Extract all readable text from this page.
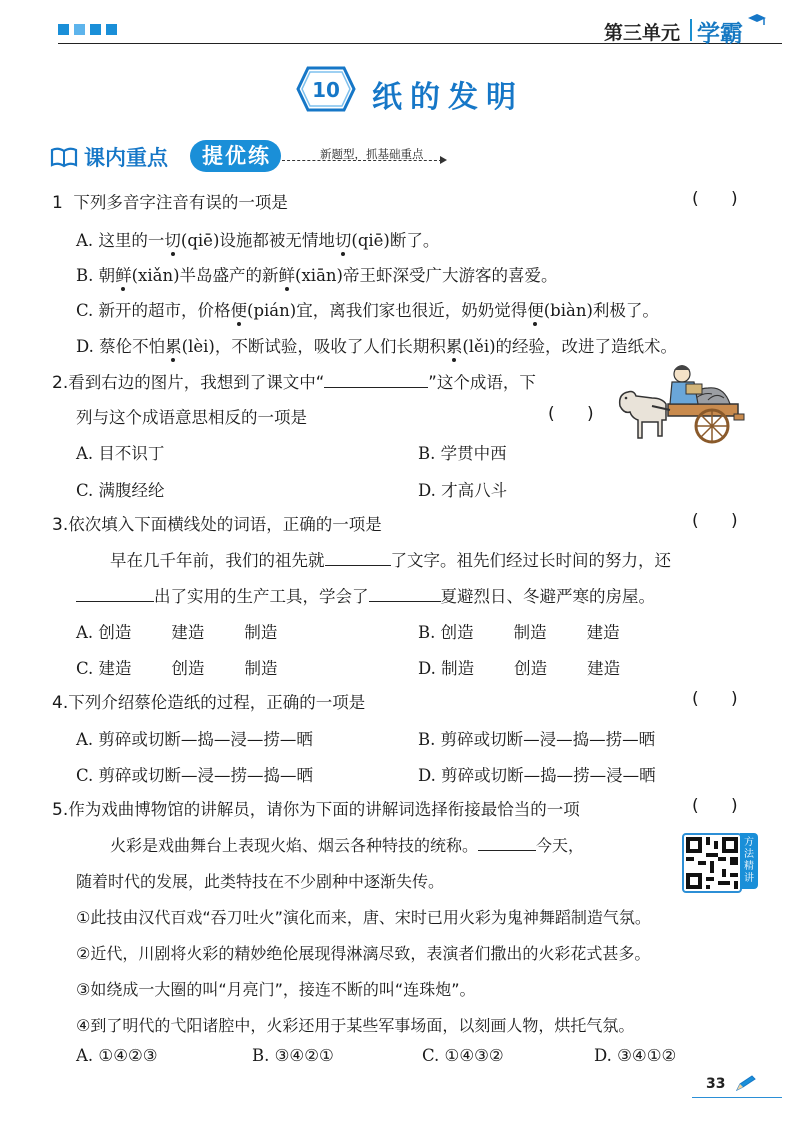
第三单元 学霸
10 纸的发明
课内重点	提优练	新题型，抓基础重点
1 下列多音字注音有误的一项是	(      )
A. 这里的一切(qiē)设施都被无情地切(qiē)断了。
B. 朝鲜(xiǎn)半岛盛产的新鲜(xiān)帝王虾深受广大游客的喜爱。
C. 新开的超市，价格便(pián)宜，离我们家也很近，奶奶觉得便(biàn)利极了。
D. 蔡伦不怕累(lèi)，不断试验，吸收了人们长期积累(lěi)的经验，改进了造纸术。
2.看到右边的图片，我想到了课文中“	”这个成语，下
列与这个成语意思相反的一项是	(      )
A. 目不识丁	B. 学贯中西
C. 满腹经纶	D. 才高八斗
3.依次填入下面横线处的词语，正确的一项是	(      )
早在几千年前，我们的祖先就	了文字。祖先们经过长时间的努力，还
出了实用的生产工具，学会了	夏避烈日、冬避严寒的房屋。
A. 创造 建造 制造	B. 创造 制造 建造
C. 建造 创造 制造	D. 制造 创造 建造
4.下列介绍蔡伦造纸的过程，正确的一项是	(      )
A. 剪碎或切断—捣—浸—捞—晒	B. 剪碎或切断—浸—捣—捞—晒
C. 剪碎或切断—浸—捞—捣—晒	D. 剪碎或切断—捣—捞—浸—晒
5.作为戏曲博物馆的讲解员，请你为下面的讲解词选择衔接最恰当的一项	(      )
火彩是戏曲舞台上表现火焰、烟云各种特技的统称。	今天，
随着时代的发展，此类特技在不少剧种中逐渐失传。
①此技由汉代百戏“吞刀吐火”演化而来，唐、宋时已用火彩为鬼神舞蹈制造气氛。
②近代，川剧将火彩的精妙绝伦展现得淋漓尽致，表演者们撒出的火彩花式甚多。
③如绕成一大圈的叫“月亮门”，接连不断的叫“连珠炮”。
④到了明代的弋阳诸腔中，火彩还用于某些军事场面，以刻画人物，烘托气氛。
A. ①④②③	B. ③④②①	C. ①④③②	D. ③④①②
方法精讲
33
